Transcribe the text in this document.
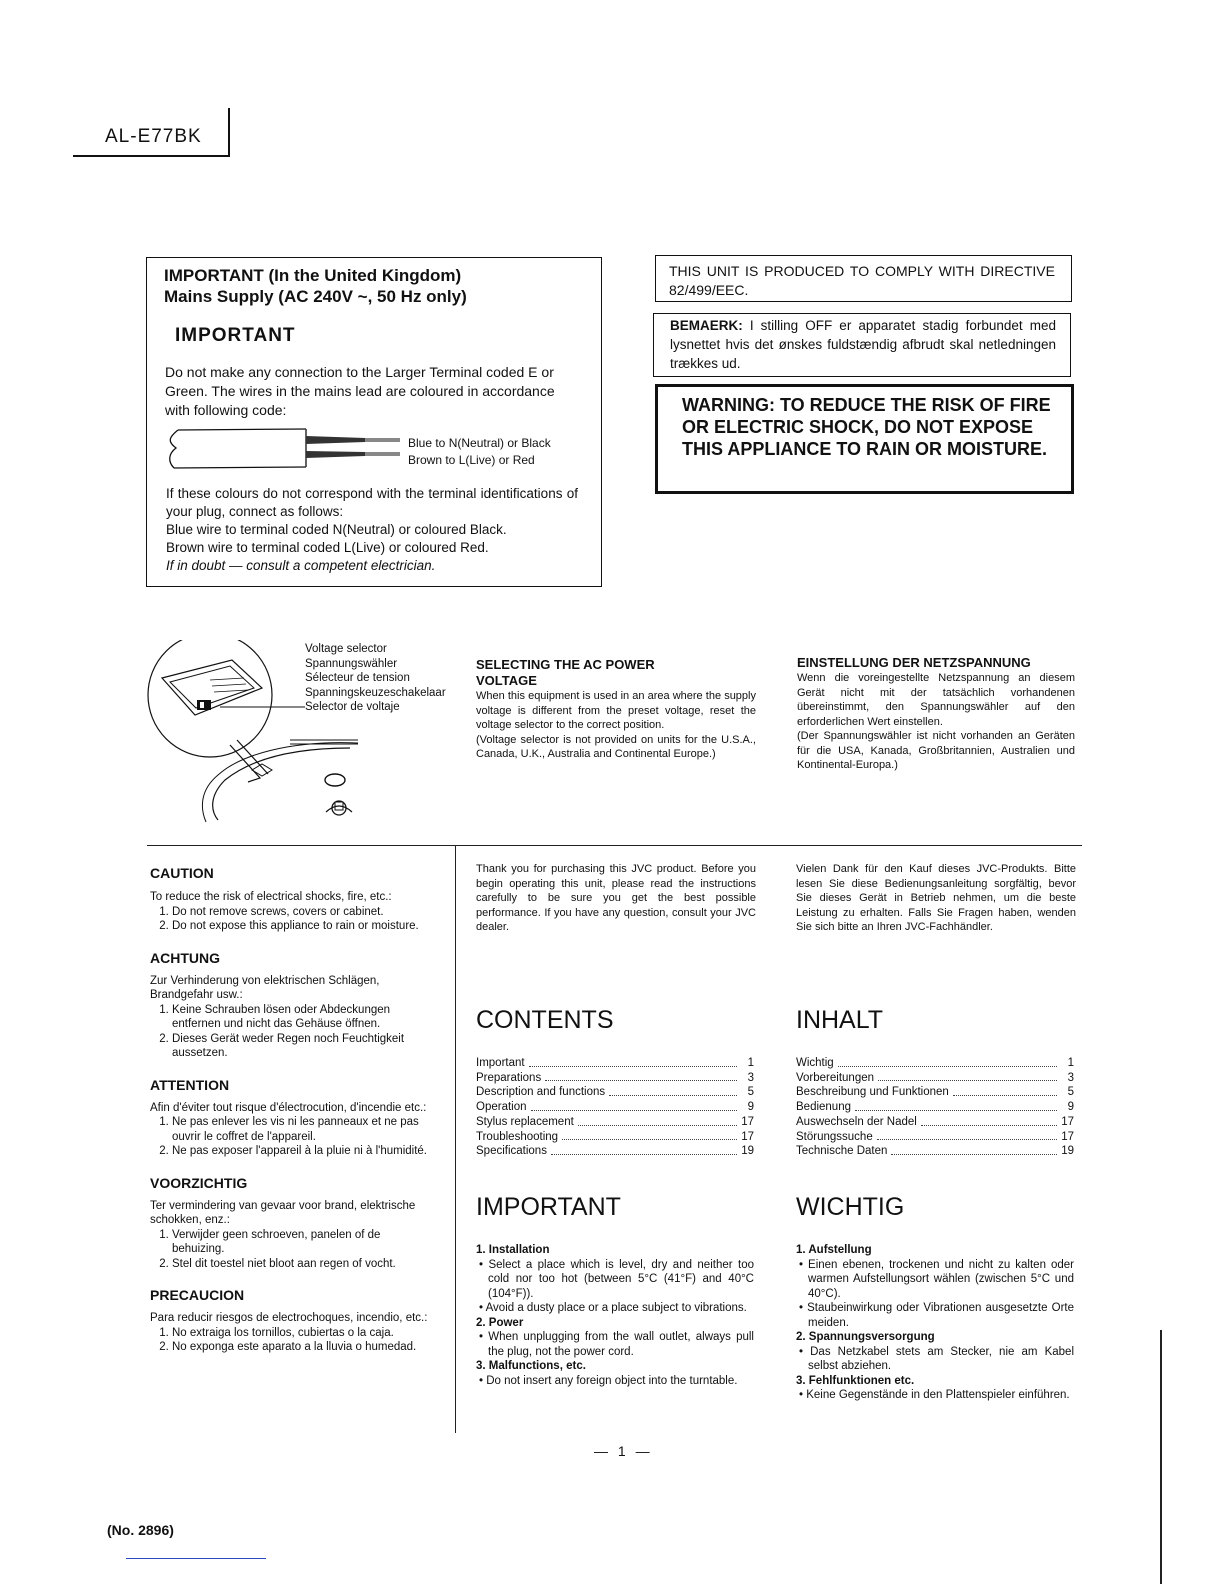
AL-E77BK
IMPORTANT (In the United Kingdom)
Mains Supply (AC 240V ~, 50 Hz only)
IMPORTANT
Do not make any connection to the Larger Terminal coded E or Green. The wires in the mains lead are coloured in accordance with following code:
Blue to N(Neutral) or Black
Brown to L(Live) or Red
If these colours do not correspond with the terminal identifications of your plug, connect as follows:
Blue wire to terminal coded N(Neutral) or coloured Black.
Brown wire to terminal coded L(Live) or coloured Red.
If in doubt — consult a competent electrician.
THIS UNIT IS PRODUCED TO COMPLY WITH DIRECTIVE 82/499/EEC.
BEMAERK: I stilling OFF er apparatet stadig forbundet med lysnettet hvis det ønskes fuldstændig afbrudt skal netledningen trækkes ud.
WARNING: TO REDUCE THE RISK OF FIRE OR ELECTRIC SHOCK, DO NOT EXPOSE THIS APPLIANCE TO RAIN OR MOISTURE.
Voltage selector
Spannungswähler
Sélecteur de tension
Spanningskeuzeschakelaar
Selector de voltaje
SELECTING THE AC POWER VOLTAGE
When this equipment is used in an area where the supply voltage is different from the preset voltage, reset the voltage selector to the correct position.
(Voltage selector is not provided on units for the U.S.A., Canada, U.K., Australia and Continental Europe.)
EINSTELLUNG DER NETZSPANNUNG
Wenn die voreingestellte Netzspannung an diesem Gerät nicht mit der tatsächlich vorhandenen übereinstimmt, den Spannungswähler auf den erforderlichen Wert einstellen.
(Der Spannungswähler ist nicht vorhanden an Geräten für die USA, Kanada, Großbritannien, Australien und Kontinental-Europa.)
CAUTION
To reduce the risk of electrical shocks, fire, etc.:
1. Do not remove screws, covers or cabinet.
2. Do not expose this appliance to rain or moisture.
ACHTUNG
Zur Verhinderung von elektrischen Schlägen, Brandgefahr usw.:
1. Keine Schrauben lösen oder Abdeckungen entfernen und nicht das Gehäuse öffnen.
2. Dieses Gerät weder Regen noch Feuchtigkeit aussetzen.
ATTENTION
Afin d'éviter tout risque d'électrocution, d'incendie etc.:
1. Ne pas enlever les vis ni les panneaux et ne pas ouvrir le coffret de l'appareil.
2. Ne pas exposer l'appareil à la pluie ni à l'humidité.
VOORZICHTIG
Ter vermindering van gevaar voor brand, elektrische schokken, enz.:
1. Verwijder geen schroeven, panelen of de behuizing.
2. Stel dit toestel niet bloot aan regen of vocht.
PRECAUCION
Para reducir riesgos de electrochoques, incendio, etc.:
1. No extraiga los tornillos, cubiertas o la caja.
2. No exponga este aparato a la lluvia o humedad.
Thank you for purchasing this JVC product. Before you begin operating this unit, please read the instructions carefully to be sure you get the best possible performance. If you have any question, consult your JVC dealer.
Vielen Dank für den Kauf dieses JVC-Produkts. Bitte lesen Sie diese Bedienungsanleitung sorgfältig, bevor Sie dieses Gerät in Betrieb nehmen, um die beste Leistung zu erhalten. Falls Sie Fragen haben, wenden Sie sich bitte an Ihren JVC-Fachhändler.
CONTENTS
Important	1
Preparations	3
Description and functions	5
Operation	9
Stylus replacement	17
Troubleshooting	17
Specifications	19
INHALT
Wichtig	1
Vorbereitungen	3
Beschreibung und Funktionen	5
Bedienung	9
Auswechseln der Nadel	17
Störungssuche	17
Technische Daten	19
IMPORTANT
1. Installation
• Select a place which is level, dry and neither too cold nor too hot (between 5°C (41°F) and 40°C (104°F)).
• Avoid a dusty place or a place subject to vibrations.
2. Power
• When unplugging from the wall outlet, always pull the plug, not the power cord.
3. Malfunctions, etc.
• Do not insert any foreign object into the turntable.
WICHTIG
1. Aufstellung
• Einen ebenen, trockenen und nicht zu kalten oder warmen Aufstellungsort wählen (zwischen 5°C und 40°C).
• Staubeinwirkung oder Vibrationen ausgesetzte Orte meiden.
2. Spannungsversorgung
• Das Netzkabel stets am Stecker, nie am Kabel selbst abziehen.
3. Fehlfunktionen etc.
• Keine Gegenstände in den Plattenspieler einführen.
— 1 —
(No. 2896)
